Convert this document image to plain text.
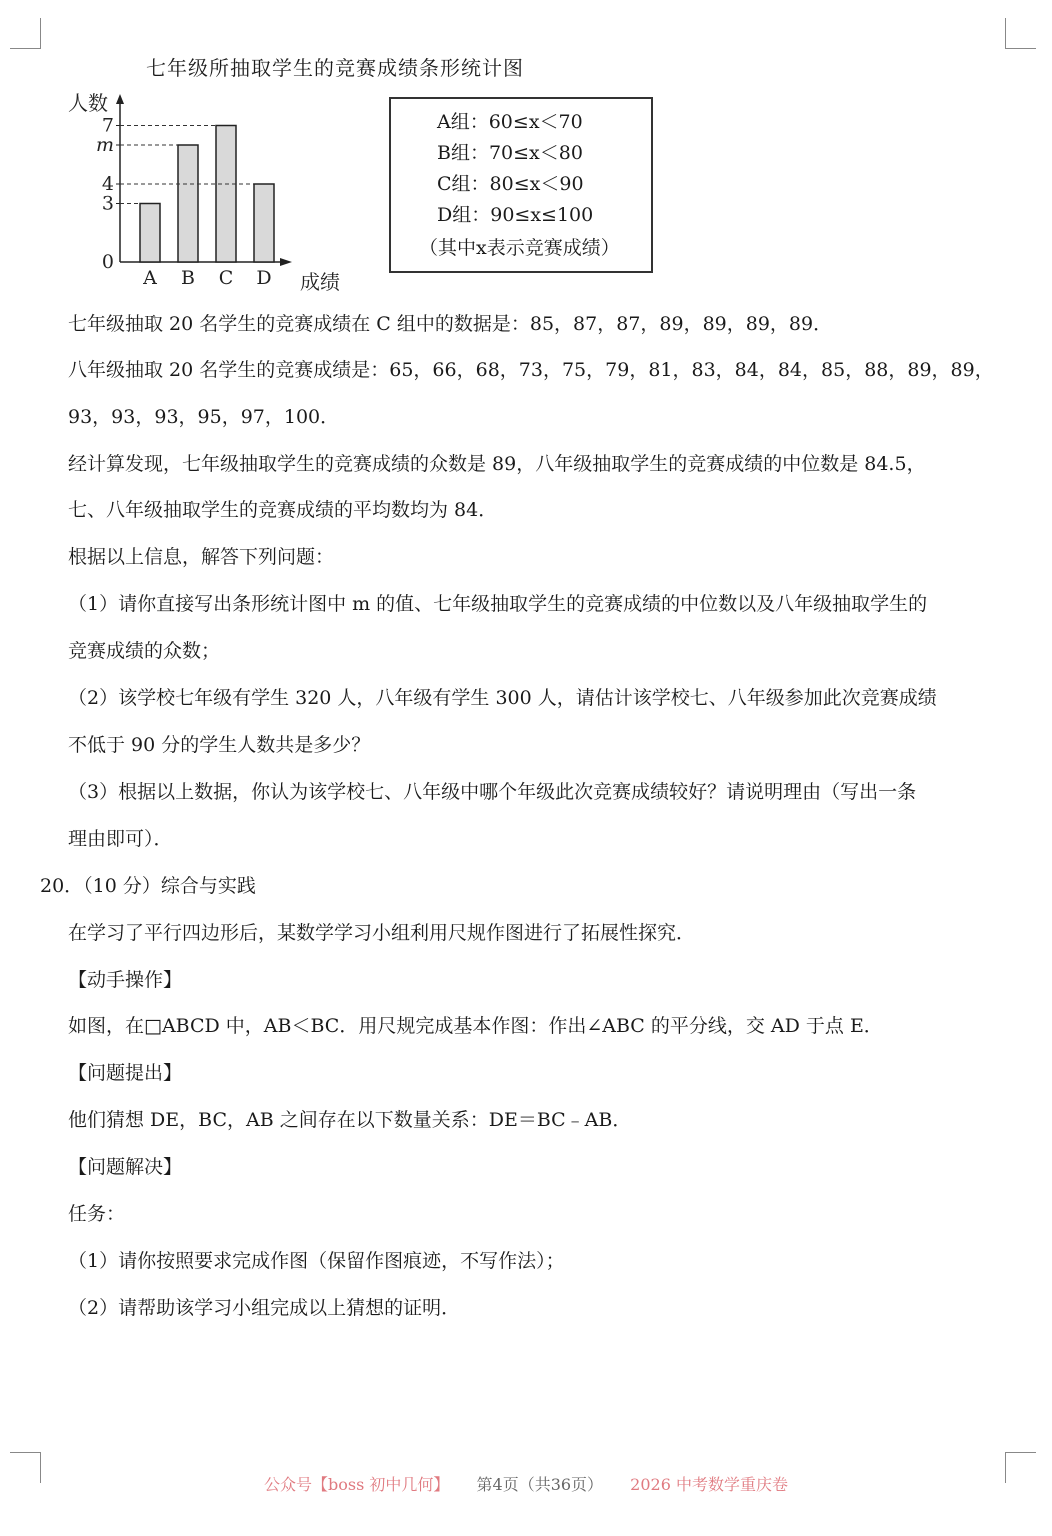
七年级所抽取学生的竞赛成绩条形统计图
人数
成绩
0
3
4
m
7
A B C D
A组：60≤x＜70
B组：70≤x＜80
C组：80≤x＜90
D组：90≤x≤100
（其中x表示竞赛成绩）
七年级抽取 20 名学生的竞赛成绩在 C 组中的数据是：85，87，87，89，89，89，89．
八年级抽取 20 名学生的竞赛成绩是：65，66，68，73，75，79，81，83，84，84，85，88，89，89，
93，93，93，95，97，100．
经计算发现，七年级抽取学生的竞赛成绩的众数是 89，八年级抽取学生的竞赛成绩的中位数是 84.5，
七、八年级抽取学生的竞赛成绩的平均数均为 84．
根据以上信息，解答下列问题：
（1）请你直接写出条形统计图中 m 的值、七年级抽取学生的竞赛成绩的中位数以及八年级抽取学生的
竞赛成绩的众数；
（2）该学校七年级有学生 320 人，八年级有学生 300 人，请估计该学校七、八年级参加此次竞赛成绩
不低于 90 分的学生人数共是多少？
（3）根据以上数据，你认为该学校七、八年级中哪个年级此次竞赛成绩较好？请说明理由（写出一条
理由即可）．
20．（10 分）综合与实践
在学习了平行四边形后，某数学学习小组利用尺规作图进行了拓展性探究．
【动手操作】
如图，在□ABCD 中，AB＜BC．用尺规完成基本作图：作出∠ABC 的平分线，交 AD 于点 E．
【问题提出】
他们猜想 DE，BC，AB 之间存在以下数量关系：DE＝BC﹣AB．
【问题解决】
任务：
（1）请你按照要求完成作图（保留作图痕迹，不写作法）；
（2）请帮助该学习小组完成以上猜想的证明．
公众号【boss 初中几何】 第4页（共36页） 2026 中考数学重庆卷
